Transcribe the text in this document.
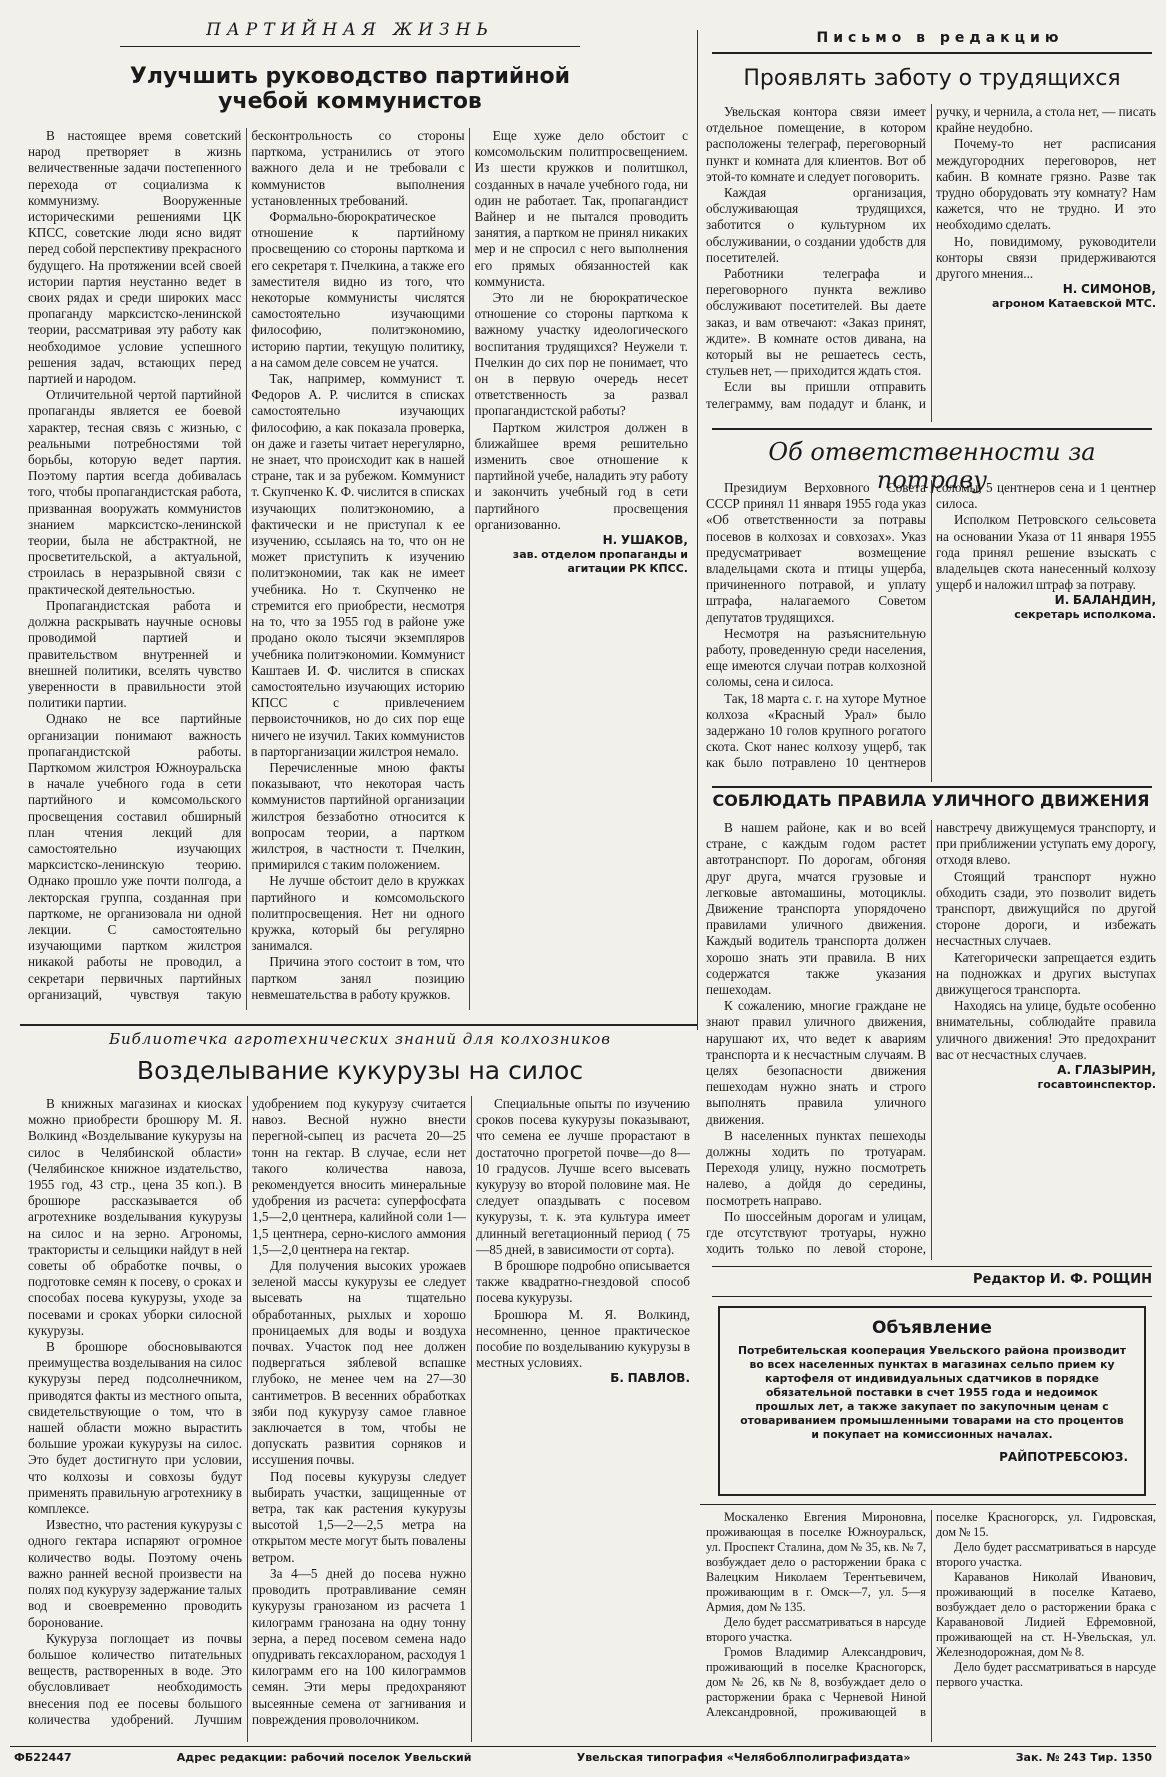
ПАРТИЙНАЯ ЖИЗНЬ
Улучшить руководство партийной
учебой коммунистов

В настоящее время советский народ претворяет в жизнь величественные задачи постепенного перехода от социализма к коммунизму. Вооруженные историческими решениями ЦК КПСС, советские люди ясно видят перед собой перспективу прекрасного будущего. На протяжении всей своей истории партия неустанно ведет в своих рядах и среди широких масс пропаганду марксистско-ленинской теории, рассматривая эту работу как необходимое условие успешного решения задач, встающих перед партией и народом.

Отличительной чертой партийной пропаганды является ее боевой характер, тесная связь с жизнью, с реальными потребностями той борьбы, которую ведет партия. Поэтому партия всегда добивалась того, чтобы пропагандистская работа, призванная вооружать коммунистов знанием марксистско-ленинской теории, была не абстрактной, не просветительской, а актуальной, строилась в неразрывной связи с практической деятельностью.

Пропагандистская работа и должна раскрывать научные основы проводимой партией и правительством внутренней и внешней политики, вселять чувство уверенности в правильности этой политики партии.

Однако не все партийные организации понимают важность пропагандистской работы. Парткомом жилстроя Южноуральска в начале учебного года в сети партийного и комсомольского просвещения составил обширный план чтения лекций для самостоятельно изучающих марксистско-ленинскую теорию. Однако прошло уже почти полгода, а лекторская группа, созданная при парткоме, не организовала ни одной лекции. С самостоятельно изучающими партком жилстроя никакой работы не проводил, а секретари первичных партийных организаций, чувствуя такую бесконтрольность со стороны парткома, устранились от этого важного дела и не требовали с коммунистов выполнения установленных требований.

Формально-бюрократическое отношение к партийному просвещению со стороны парткома и его секретаря т. Пчелкина, а также его заместителя видно из того, что некоторые коммунисты числятся самостоятельно изучающими философию, политэкономию, историю партии, текущую политику, а на самом деле совсем не учатся.

Так, например, коммунист т. Федоров А. Р. числится в списках самостоятельно изучающих философию, а как показала проверка, он даже и газеты читает нерегулярно, не знает, что происходит как в нашей стране, так и за рубежом. Коммунист т. Скупченко К. Ф. числится в списках изучающих политэкономию, а фактически и не приступал к ее изучению, ссылаясь на то, что он не может приступить к изучению политэкономии, так как не имеет учебника. Но т. Скупченко не стремится его приобрести, несмотря на то, что за 1955 год в районе уже продано около тысячи экземпляров учебника политэкономии. Коммунист Каштаев И. Ф. числится в списках самостоятельно изучающих историю КПСС с привлечением первоисточников, но до сих пор еще ничего не изучил. Таких коммунистов в парторганизации жилстроя немало.

Перечисленные мною факты показывают, что некоторая часть коммунистов партийной организации жилстроя беззаботно относится к вопросам теории, а партком жилстроя, в частности т. Пчелкин, примирился с таким положением.

Не лучше обстоит дело в кружках партийного и комсомольского политпросвещения. Нет ни одного кружка, который бы регулярно занимался.

Причина этого состоит в том, что партком занял позицию невмешательства в работу кружков.

Еще хуже дело обстоит с комсомольским политпросвещением. Из шести кружков и политшкол, созданных в начале учебного года, ни один не работает. Так, пропагандист Вайнер и не пытался проводить занятия, а партком не принял никаких мер и не спросил с него выполнения его прямых обязанностей как коммуниста.

Это ли не бюрократическое отношение со стороны парткома к важному участку идеологического воспитания трудящихся? Неужели т. Пчелкин до сих пор не понимает, что он в первую очередь несет ответственность за развал пропагандистской работы?

Партком жилстроя должен в ближайшее время решительно изменить свое отношение к партийной учебе, наладить эту работу и закончить учебный год в сети партийного просвещения организованно.

Н. УШАКОВ,
зав. отделом пропаганды и
агитации РК КПСС.
Письмо в редакцию
Проявлять заботу о трудящихся

Увельская контора связи имеет отдельное помещение, в котором расположены телеграф, переговорный пункт и комната для клиентов. Вот об этой-то комнате и следует поговорить.

Каждая организация, обслуживающая трудящихся, заботится о культурном их обслуживании, о создании удобств для посетителей.

Работники телеграфа и переговорного пункта вежливо обслуживают посетителей. Вы даете заказ, и вам отвечают: «Заказ принят, ждите». В комнате остов дивана, на который вы не решаетесь сесть, стульев нет, — приходится ждать стоя.

Если вы пришли отправить телеграмму, вам подадут и бланк, и ручку, и чернила, а стола нет, — писать крайне неудобно.

Почему-то нет расписания междугородних переговоров, нет кабин. В комнате грязно. Разве так трудно оборудовать эту комнату? Нам кажется, что не трудно. И это необходимо сделать.

Но, повидимому, руководители конторы связи придерживаются другого мнения...

Н. СИМОНОВ,
агроном Катаевской МТС.
Об ответственности за потраву

Президиум Верховного Совета СССР принял 11 января 1955 года указ «Об ответственности за потравы посевов в колхозах и совхозах». Указ предусматривает возмещение владельцами скота и птицы ущерба, причиненного потравой, и уплату штрафа, налагаемого Советом депутатов трудящихся.

Несмотря на разъяснительную работу, проведенную среди населения, еще имеются случаи потрав колхозной соломы, сена и силоса.

Так, 18 марта с. г. на хуторе Мутное колхоза «Красный Урал» было задержано 10 голов крупного рогатого скота. Скот нанес колхозу ущерб, так как было потравлено 10 центнеров соломы, 5 центнеров сена и 1 центнер силоса.

Исполком Петровского сельсовета на основании Указа от 11 января 1955 года принял решение взыскать с владельцев скота нанесенный колхозу ущерб и наложил штраф за потраву.

И. БАЛАНДИН,
секретарь исполкома.
СОБЛЮДАТЬ ПРАВИЛА УЛИЧНОГО ДВИЖЕНИЯ

В нашем районе, как и во всей стране, с каждым годом растет автотранспорт. По дорогам, обгоняя друг друга, мчатся грузовые и легковые автомашины, мотоциклы. Движение транспорта упорядочено правилами уличного движения. Каждый водитель транспорта должен хорошо знать эти правила. В них содержатся также указания пешеходам.

К сожалению, многие граждане не знают правил уличного движения, нарушают их, что ведет к авариям транспорта и к несчастным случаям. В целях безопасности движения пешеходам нужно знать и строго выполнять правила уличного движения.

В населенных пунктах пешеходы должны ходить по тротуарам. Переходя улицу, нужно посмотреть налево, а дойдя до середины, посмотреть направо.

По шоссейным дорогам и улицам, где отсутствуют тротуары, нужно ходить только по левой стороне, навстречу движущемуся транспорту, и при приближении уступать ему дорогу, отходя влево.

Стоящий транспорт нужно обходить сзади, это позволит видеть транспорт, движущийся по другой стороне дороги, и избежать несчастных случаев.

Категорически запрещается ездить на подножках и других выступах движущегося транспорта.

Находясь на улице, будьте особенно внимательны, соблюдайте правила уличного движения! Это предохранит вас от несчастных случаев.

А. ГЛАЗЫРИН,
госавтоинспектор.
Библиотечка агротехнических знаний для колхозников
Возделывание кукурузы на силос

В книжных магазинах и киосках можно приобрести брошюру М. Я. Волкинд «Возделывание кукурузы на силос в Челябинской области» (Челябинское книжное издательство, 1955 год, 43 стр., цена 35 коп.). В брошюре рассказывается об агротехнике возделывания кукурузы на силос и на зерно. Агрономы, трактористы и сельщики найдут в ней советы об обработке почвы, о подготовке семян к посеву, о сроках и способах посева кукурузы, уходе за посевами и сроках уборки силосной кукурузы.

В брошюре обосновываются преимущества возделывания на силос кукурузы перед подсолнечником, приводятся факты из местного опыта, свидетельствующие о том, что в нашей области можно вырастить большие урожаи кукурузы на силос. Это будет достигнуто при условии, что колхозы и совхозы будут применять правильную агротехнику в комплексе.

Известно, что растения кукурузы с одного гектара испаряют огромное количество воды. Поэтому очень важно ранней весной произвести на полях под кукурузу задержание талых вод и своевременно проводить боронование.

Кукуруза поглощает из почвы большое количество питательных веществ, растворенных в воде. Это обусловливает необходимость внесения под ее посевы большого количества удобрений. Лучшим удобрением под кукурузу считается навоз. Весной нужно внести перегной-сыпец из расчета 20—25 тонн на гектар. В случае, если нет такого количества навоза, рекомендуется вносить минеральные удобрения из расчета: суперфосфата 1,5—2,0 центнера, калийной соли 1—1,5 центнера, серно-кислого аммония 1,5—2,0 центнера на гектар.

Для получения высоких урожаев зеленой массы кукурузы ее следует высевать на тщательно обработанных, рыхлых и хорошо проницаемых для воды и воздуха почвах. Участок под нее должен подвергаться зяблевой вспашке глубоко, не менее чем на 27—30 сантиметров. В весенних обработках зяби под кукурузу самое главное заключается в том, чтобы не допускать развития сорняков и иссушения почвы.

Под посевы кукурузы следует выбирать участки, защищенные от ветра, так как растения кукурузы высотой 1,5—2—2,5 метра на открытом месте могут быть повалены ветром.

За 4—5 дней до посева нужно проводить протравливание семян кукурузы гранозаном из расчета 1 килограмм гранозана на одну тонну зерна, а перед посевом семена надо опудривать гексахлораном, расходуя 1 килограмм его на 100 килограммов семян. Эти меры предохраняют высеянные семена от загнивания и повреждения проволочником.

Специальные опыты по изучению сроков посева кукурузы показывают, что семена ее лучше прорастают в достаточно прогретой почве—до 8—10 градусов. Лучше всего высевать кукурузу во второй половине мая. Не следует опаздывать с посевом кукурузы, т. к. эта культура имеет длинный вегетационный период ( 75—85 дней, в зависимости от сорта).

В брошюре подробно описывается также квадратно-гнездовой способ посева кукурузы.

Брошюра М. Я. Волкинд, несомненно, ценное практическое пособие по возделыванию кукурузы в местных условиях.

Б. ПАВЛОВ.
Редактор И. Ф. РОЩИН
Объявление
Потребительская кооперация Увельского района производит во всех населенных пунктах в магазинах сельпо прием ку картофеля от индивидуальных сдатчиков в порядке обязательной поставки в счет 1955 года и недоимок прошлых лет, а также закупает по закупочным ценам с отовариванием промышленными товарами на сто процентов и покупает на комиссионных началах.
РАЙПОТРЕБСОЮЗ.

Москаленко Евгения Мироновна, проживающая в поселке Южноуральск, ул. Проспект Сталина, дом № 35, кв. № 7, возбуждает дело о расторжении брака с Валецким Николаем Терентьевичем, проживающим в г. Омск—7, ул. 5—я Армия, дом № 135.

Дело будет рассматриваться в нарсуде второго участка.

Громов Владимир Александрович, проживающий в поселке Красногорск, дом № 26, кв № 8, возбуждает дело о расторжении брака с Черневой Ниной Александровной, проживающей в поселке Красногорск, ул. Гидровская, дом № 15.

Дело будет рассматриваться в нарсуде второго участка.

Караванов Николай Иванович, проживающий в поселке Катаево, возбуждает дело о расторжении брака с Каравановой Лидией Ефремовной, проживающей на ст. Н-Увельская, ул. Железнодорожная, дом № 8.

Дело будет рассматриваться в нарсуде первого участка.

ФБ22447	Адрес редакции: рабочий поселок Увельский	Увельская типография «Челябоблполиграфиздата»	Зак. № 243 Тир. 1350
